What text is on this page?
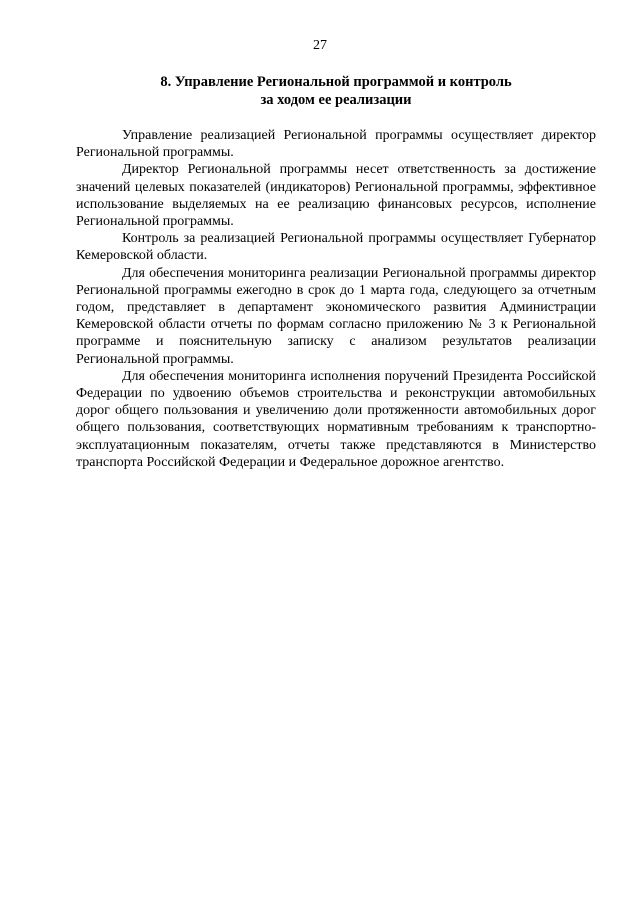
27
8. Управление Региональной программой и контроль
за ходом ее реализации

Управление реализацией Региональной программы осуществляет директор Региональной программы.

Директор Региональной программы несет ответственность за достижение значений целевых показателей (индикаторов) Региональной программы, эффективное использование выделяемых на ее реализацию финансовых ресурсов, исполнение Региональной программы.

Контроль за реализацией Региональной программы осуществляет Губернатор Кемеровской области.

Для обеспечения мониторинга реализации Региональной программы директор Региональной программы ежегодно в срок до 1 марта года, следующего за отчетным годом, представляет в департамент экономического развития Администрации Кемеровской области отчеты по формам согласно приложению № 3 к Региональной программе и пояснительную записку с анализом результатов реализации Региональной программы.

Для обеспечения мониторинга исполнения поручений Президента Российской Федерации по удвоению объемов строительства и реконструкции автомобильных дорог общего пользования и увеличению доли протяженности автомобильных дорог общего пользования, соответствующих нормативным требованиям к транспортно-эксплуатационным показателям, отчеты также представляются в Министерство транспорта Российской Федерации и Федеральное дорожное агентство.
